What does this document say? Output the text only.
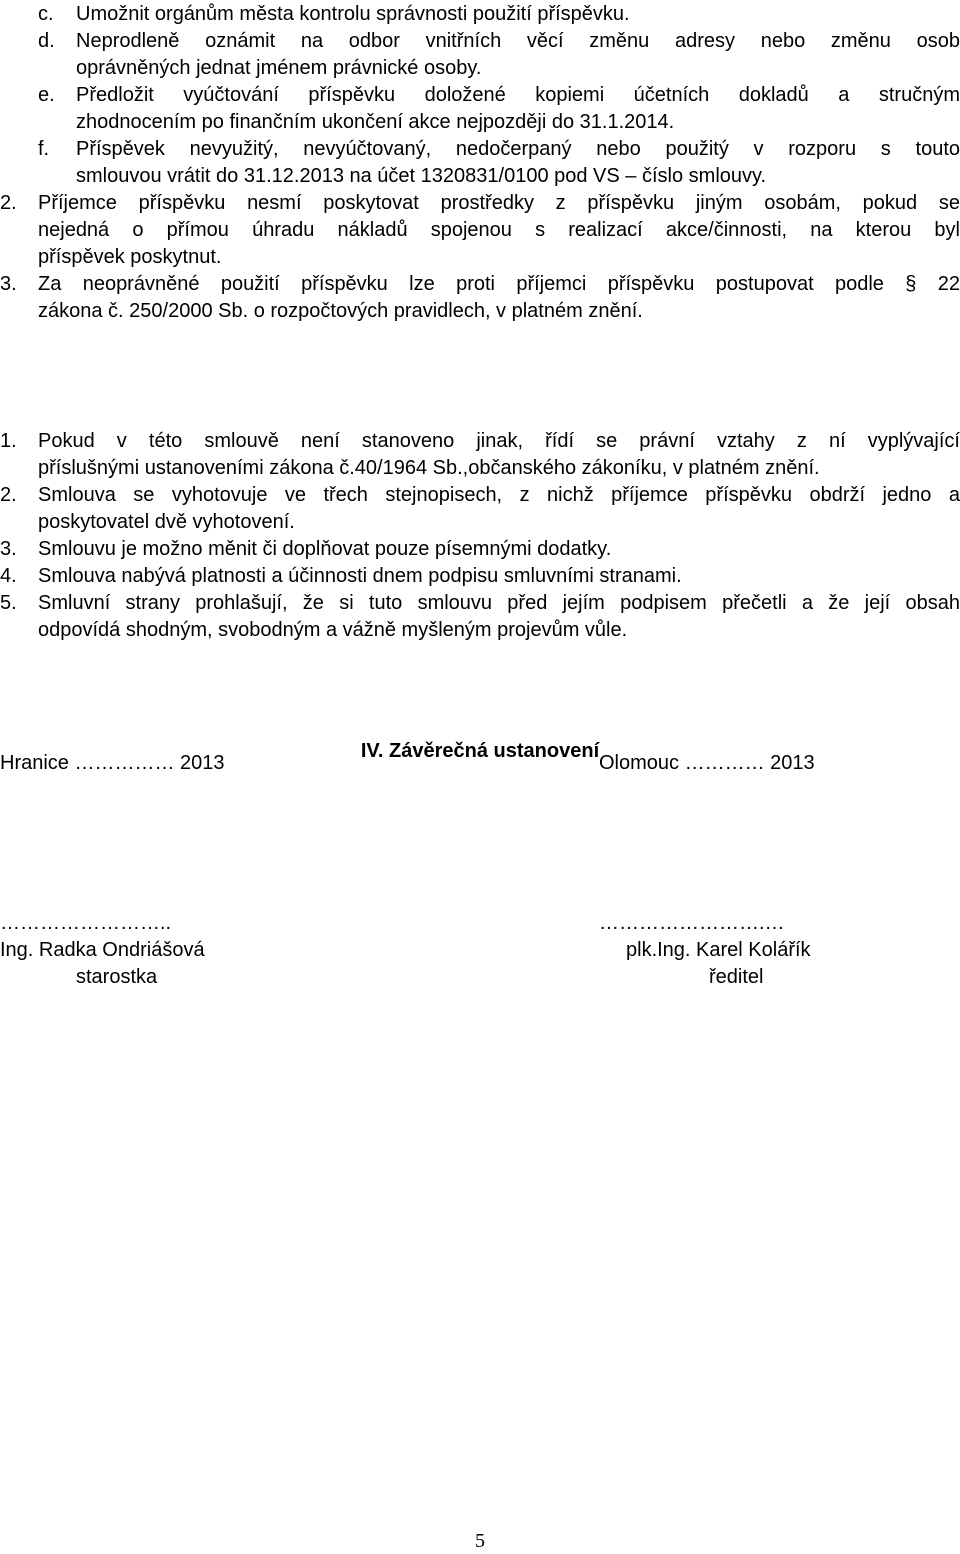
c. Umožnit orgánům města kontrolu správnosti použití příspěvku.
d. Neprodleně oznámit na odbor vnitřních věcí změnu adresy nebo změnu osob
oprávněných jednat jménem právnické osoby.
e. Předložit vyúčtování příspěvku doložené kopiemi účetních dokladů a stručným
zhodnocením po finančním ukončení akce nejpozději do 31.1.2014.
f. Příspěvek nevyužitý, nevyúčtovaný, nedočerpaný nebo použitý v rozporu s touto
smlouvou vrátit do 31.12.2013 na účet 1320831/0100 pod VS – číslo smlouvy.
2. Příjemce příspěvku nesmí poskytovat prostředky z příspěvku jiným osobám, pokud se
nejedná o přímou úhradu nákladů spojenou s realizací akce/činnosti, na kterou byl
příspěvek poskytnut.
3. Za neoprávněné použití příspěvku lze proti příjemci příspěvku postupovat podle § 22
zákona č. 250/2000 Sb. o rozpočtových pravidlech, v platném znění.
IV. Závěrečná ustanovení
1. Pokud v této smlouvě není stanoveno jinak, řídí se právní vztahy z ní vyplývající
příslušnými ustanoveními zákona č.40/1964 Sb.,občanského zákoníku, v platném znění.
2. Smlouva se vyhotovuje ve třech stejnopisech, z nichž příjemce příspěvku obdrží jedno a
poskytovatel dvě vyhotovení.
3. Smlouvu je možno měnit či doplňovat pouze písemnými dodatky.
4. Smlouva nabývá platnosti a účinnosti dnem podpisu smluvními stranami.
5. Smluvní strany prohlašují, že si tuto smlouvu před jejím podpisem přečetli a že její obsah
odpovídá shodným, svobodným a vážně myšleným projevům vůle.
Hranice …………… 2013	Olomouc ………… 2013
……………………..	…………………….…
Ing. Radka Ondriášová	plk.Ing. Karel Kolářík
starostka	ředitel
5
